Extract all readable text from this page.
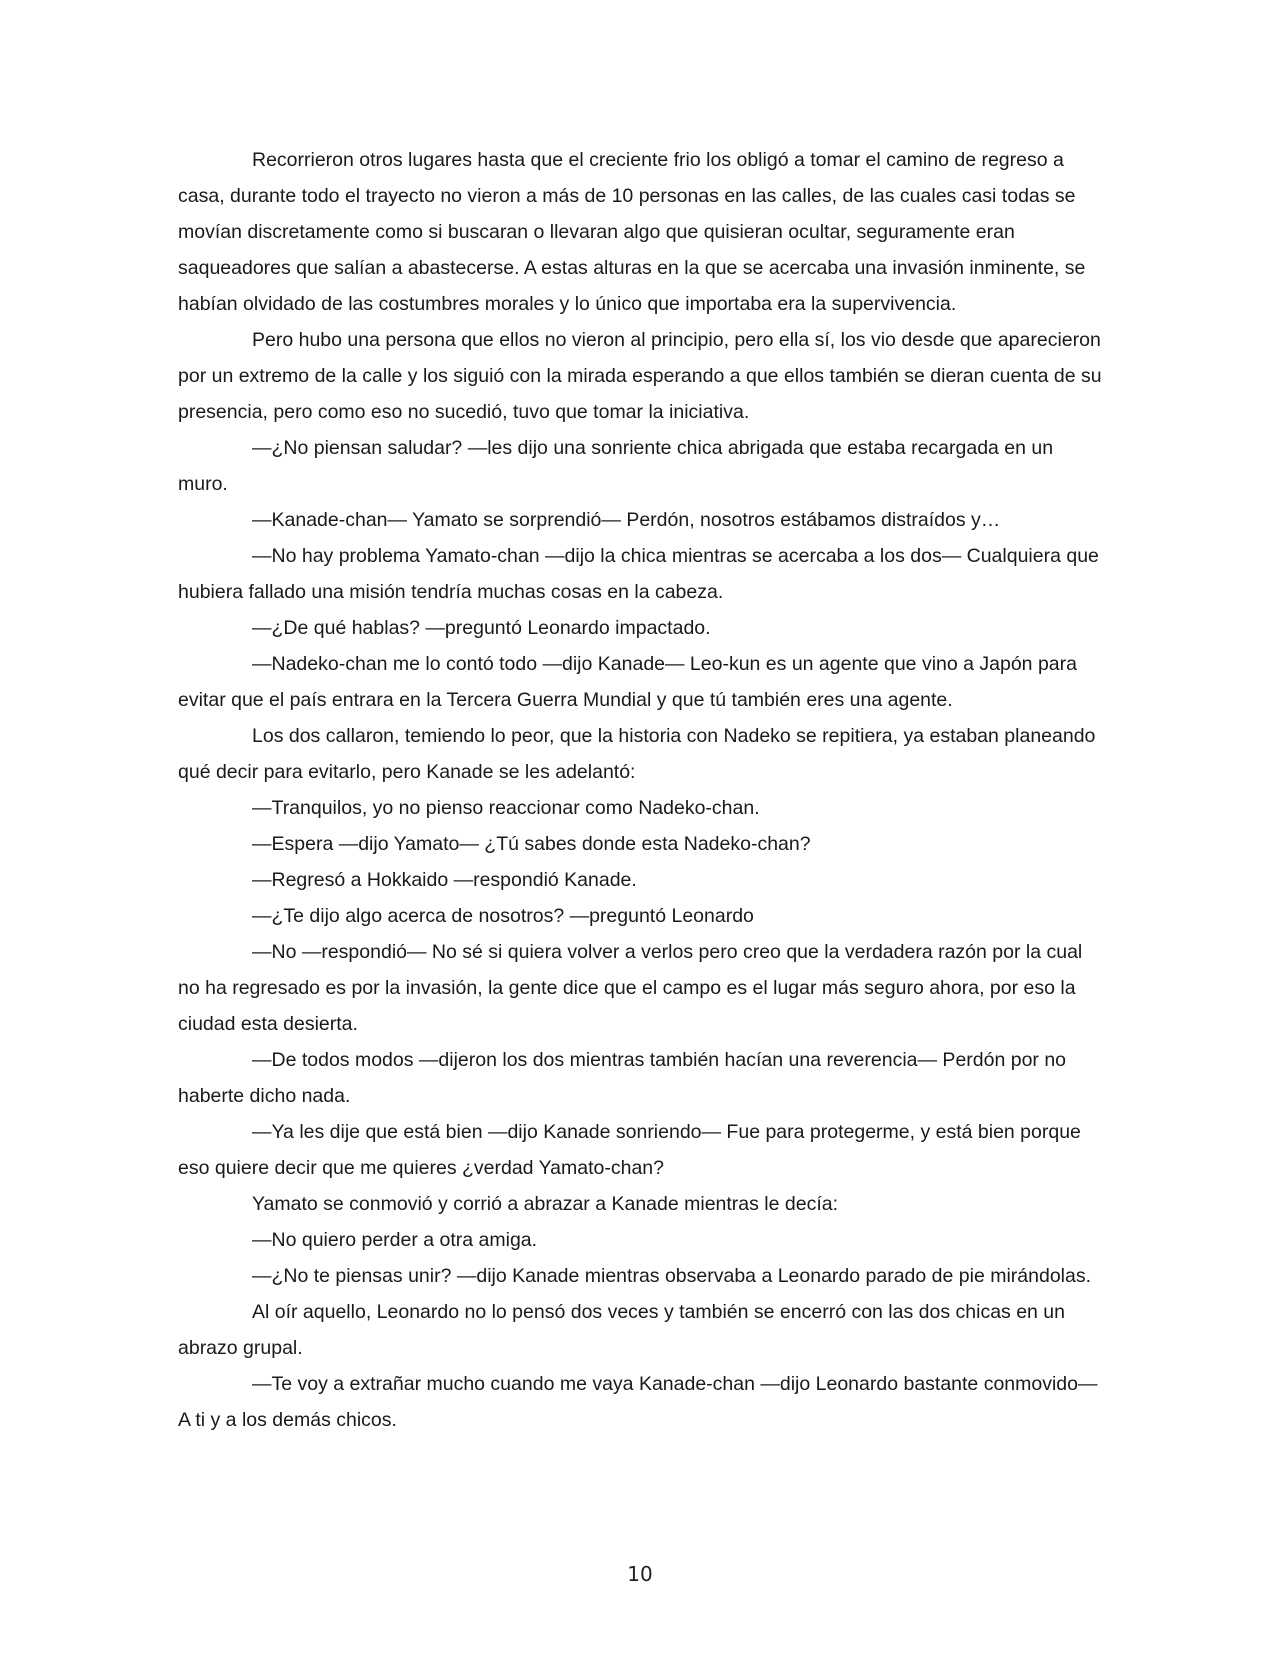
Recorrieron otros lugares hasta que el creciente frio los obligó a tomar el camino de regreso a casa, durante todo el trayecto no vieron a más de 10 personas en las calles, de las cuales casi todas se movían discretamente como si buscaran o llevaran algo que quisieran ocultar, seguramente eran saqueadores que salían a abastecerse. A estas alturas en la que se acercaba una invasión inminente, se habían olvidado de las costumbres morales y lo único que importaba era la supervivencia.

Pero hubo una persona que ellos no vieron al principio, pero ella sí, los vio desde que aparecieron por un extremo de la calle y los siguió con la mirada esperando a que ellos también se dieran cuenta de su presencia, pero como eso no sucedió, tuvo que tomar la iniciativa.

—¿No piensan saludar? —les dijo una sonriente chica abrigada que estaba recargada en un muro.

—Kanade-chan— Yamato se sorprendió— Perdón, nosotros estábamos distraídos y…

—No hay problema Yamato-chan —dijo la chica mientras se acercaba a los dos— Cualquiera que hubiera fallado una misión tendría muchas cosas en la cabeza.

—¿De qué hablas? —preguntó Leonardo impactado.

—Nadeko-chan me lo contó todo —dijo Kanade— Leo-kun es un agente que vino a Japón para evitar que el país entrara en la Tercera Guerra Mundial y que tú también eres una agente.

Los dos callaron, temiendo lo peor, que la historia con Nadeko se repitiera, ya estaban planeando qué decir para evitarlo, pero Kanade se les adelantó:

—Tranquilos, yo no pienso reaccionar como Nadeko-chan.

—Espera —dijo Yamato— ¿Tú sabes donde esta Nadeko-chan?

—Regresó a Hokkaido —respondió Kanade.

—¿Te dijo algo acerca de nosotros? —preguntó Leonardo

—No —respondió— No sé si quiera volver a verlos pero creo que la verdadera razón por la cual no ha regresado es por la invasión, la gente dice que el campo es el lugar más seguro ahora, por eso la ciudad esta desierta.

—De todos modos —dijeron los dos mientras también hacían una reverencia— Perdón por no haberte dicho nada.

—Ya les dije que está bien —dijo Kanade sonriendo— Fue para protegerme, y está bien porque eso quiere decir que me quieres ¿verdad Yamato-chan?

Yamato se conmovió y corrió a abrazar a Kanade mientras le decía:

—No quiero perder a otra amiga.

—¿No te piensas unir? —dijo Kanade mientras observaba a Leonardo parado de pie mirándolas.

Al oír aquello, Leonardo no lo pensó dos veces y también se encerró con las dos chicas en un abrazo grupal.

—Te voy a extrañar mucho cuando me vaya Kanade-chan —dijo Leonardo bastante conmovido— A ti y a los demás chicos.

10
